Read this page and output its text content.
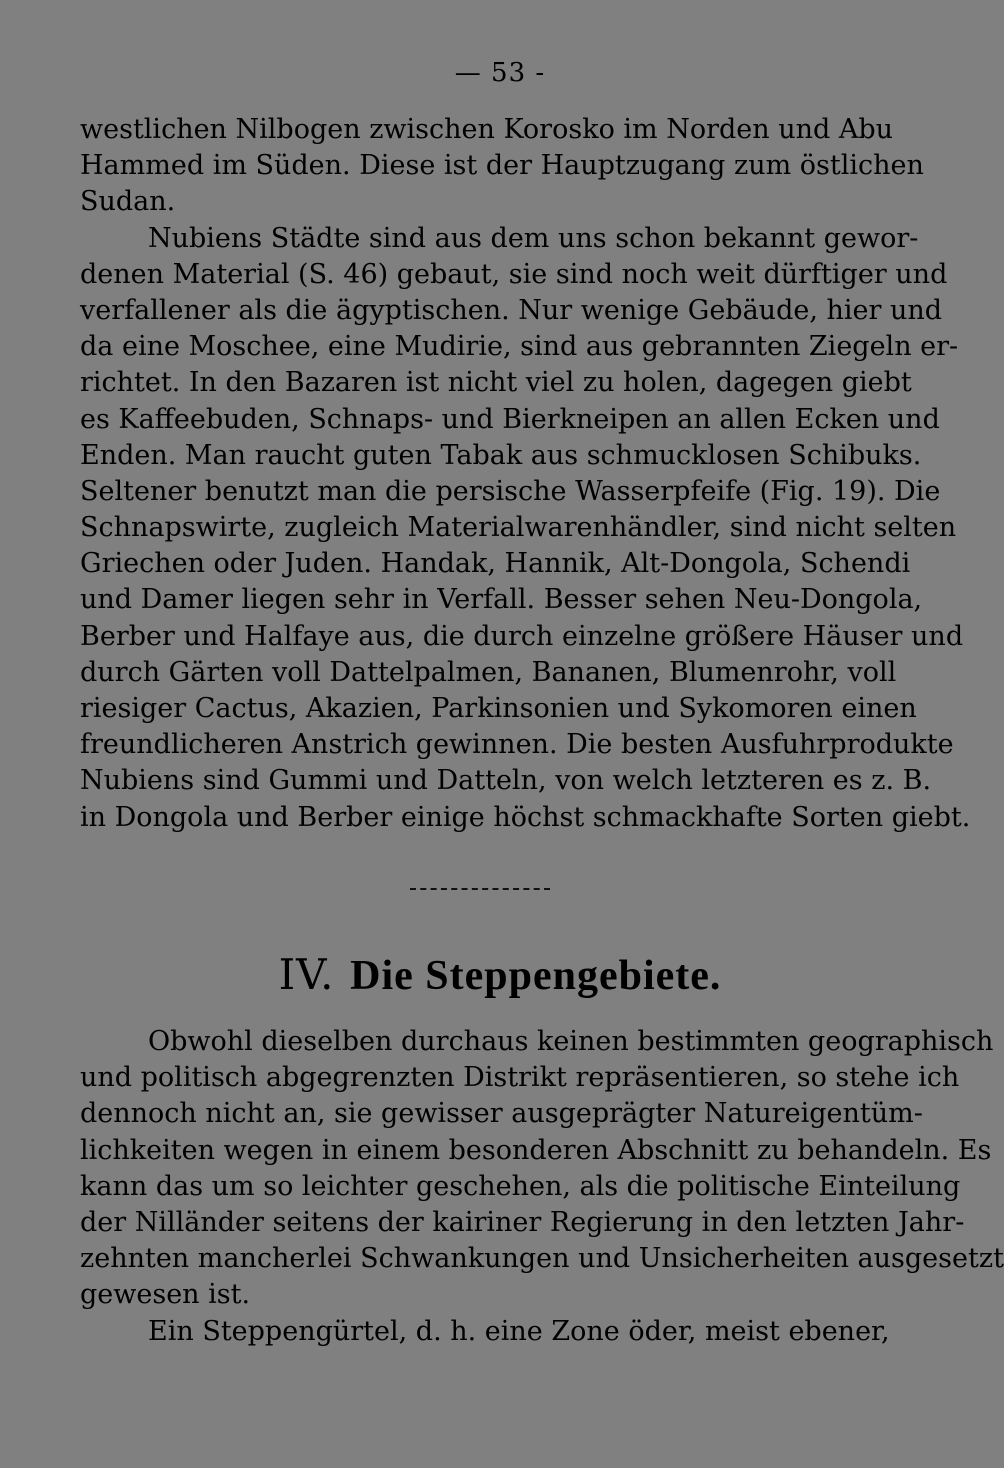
— 53 -
westlichen Nilbogen zwischen Korosko im Norden und Abu
Hammed im Süden. Diese ist der Hauptzugang zum östlichen
Sudan.
Nubiens Städte sind aus dem uns schon bekannt gewor-
denen Material (S. 46) gebaut, sie sind noch weit dürftiger und
verfallener als die ägyptischen. Nur wenige Gebäude, hier und
da eine Moschee, eine Mudirie, sind aus gebrannten Ziegeln er-
richtet. In den Bazaren ist nicht viel zu holen, dagegen giebt
es Kaffeebuden, Schnaps- und Bierkneipen an allen Ecken und
Enden. Man raucht guten Tabak aus schmucklosen Schibuks.
Seltener benutzt man die persische Wasserpfeife (Fig. 19). Die
Schnapswirte, zugleich Materialwarenhändler, sind nicht selten
Griechen oder Juden. Handak, Hannik, Alt-Dongola, Schendi
und Damer liegen sehr in Verfall. Besser sehen Neu-Dongola,
Berber und Halfaye aus, die durch einzelne größere Häuser und
durch Gärten voll Dattelpalmen, Bananen, Blumenrohr, voll
riesiger Cactus, Akazien, Parkinsonien und Sykomoren einen
freundlicheren Anstrich gewinnen. Die besten Ausfuhrprodukte
Nubiens sind Gummi und Datteln, von welch letzteren es z. B.
in Dongola und Berber einige höchst schmackhafte Sorten giebt.
IV. Die Steppengebiete.
Obwohl dieselben durchaus keinen bestimmten geographisch
und politisch abgegrenzten Distrikt repräsentieren, so stehe ich
dennoch nicht an, sie gewisser ausgeprägter Natureigentüm-
lichkeiten wegen in einem besonderen Abschnitt zu behandeln. Es
kann das um so leichter geschehen, als die politische Einteilung
der Nilländer seitens der kairiner Regierung in den letzten Jahr-
zehnten mancherlei Schwankungen und Unsicherheiten ausgesetzt
gewesen ist.
Ein Steppengürtel, d. h. eine Zone öder, meist ebener,
